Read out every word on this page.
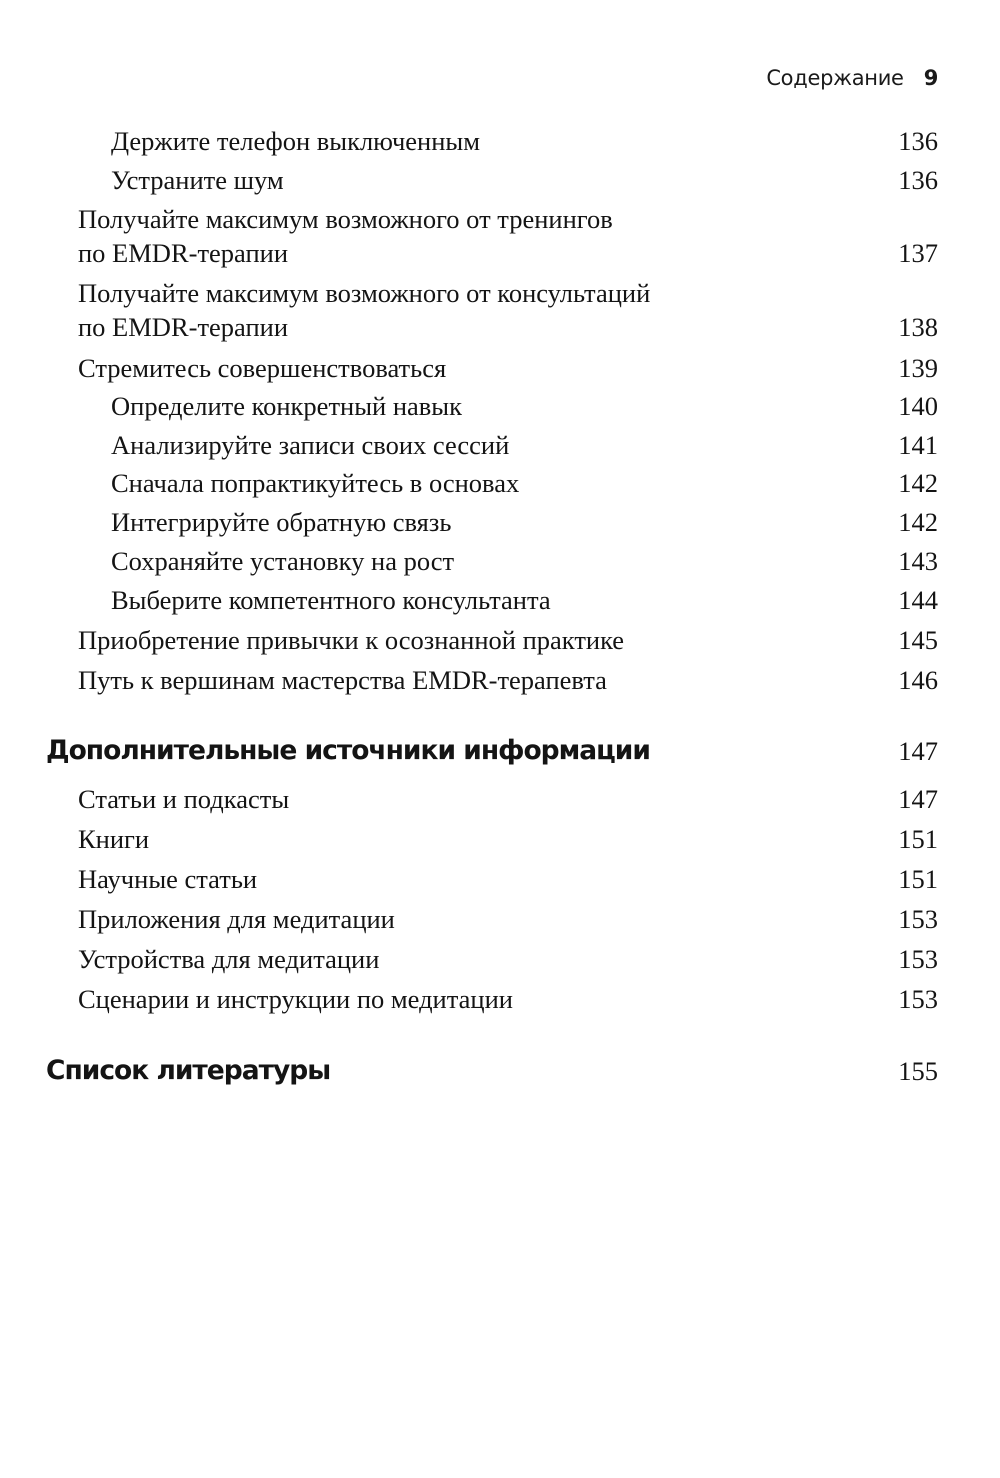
Содержание 9
Держите телефон выключенным	136
Устраните шум	136
Получайте максимум возможного от тренингов
по EMDR-терапии	137
Получайте максимум возможного от консультаций
по EMDR-терапии	138
Стремитесь совершенствоваться	139
Определите конкретный навык	140
Анализируйте записи своих сессий	141
Сначала попрактикуйтесь в основах	142
Интегрируйте обратную связь	142
Сохраняйте установку на рост	143
Выберите компетентного консультанта	144
Приобретение привычки к осознанной практике	145
Путь к вершинам мастерства EMDR-терапевта	146
Дополнительные источники информации	147
Статьи и подкасты	147
Книги	151
Научные статьи	151
Приложения для медитации	153
Устройства для медитации	153
Сценарии и инструкции по медитации	153
Список литературы	155
